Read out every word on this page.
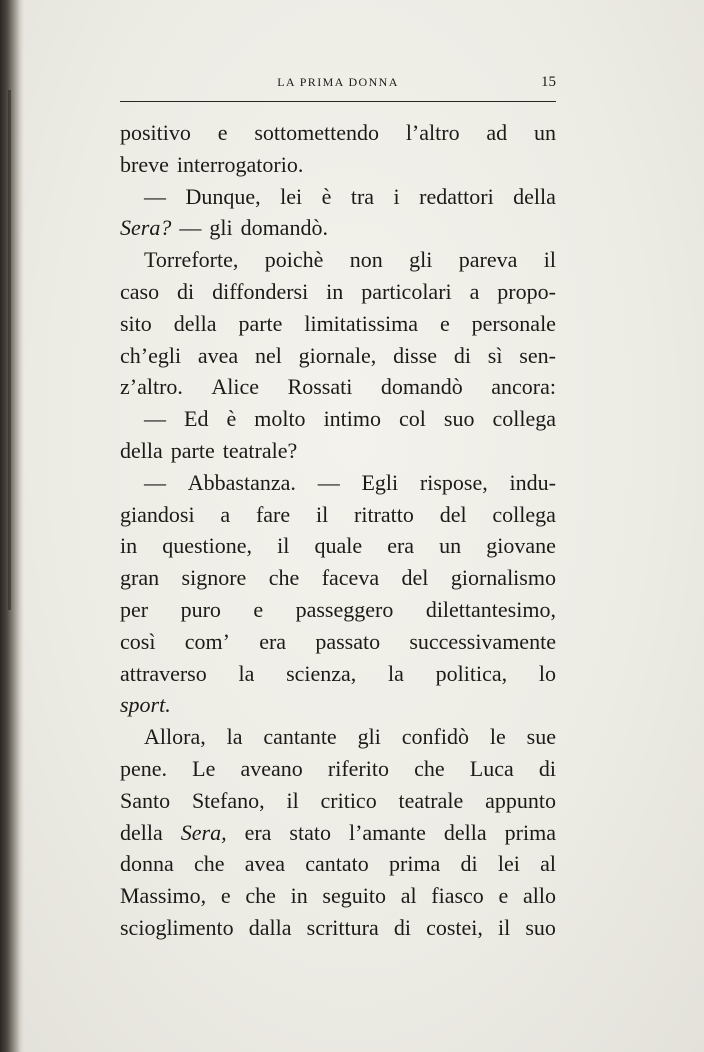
LA PRIMA DONNA	15
positivo e sottomettendo l’altro ad un
breve interrogatorio.
— Dunque, lei è tra i redattori della
Sera? — gli domandò.
Torreforte, poichè non gli pareva il
caso di diffondersi in particolari a propo-
sito della parte limitatissima e personale
ch’egli avea nel giornale, disse di sì sen-
z’altro. Alice Rossati domandò ancora:
— Ed è molto intimo col suo collega
della parte teatrale?
— Abbastanza. — Egli rispose, indu-
giandosi a fare il ritratto del collega
in questione, il quale era un giovane
gran signore che faceva del giornalismo
per puro e passeggero dilettantesimo,
così com’ era passato successivamente
attraverso la scienza, la politica, lo
sport.
Allora, la cantante gli confidò le sue
pene. Le aveano riferito che Luca di
Santo Stefano, il critico teatrale appunto
della Sera, era stato l’amante della prima
donna che avea cantato prima di lei al
Massimo, e che in seguito al fiasco e allo
scioglimento dalla scrittura di costei, il suo
